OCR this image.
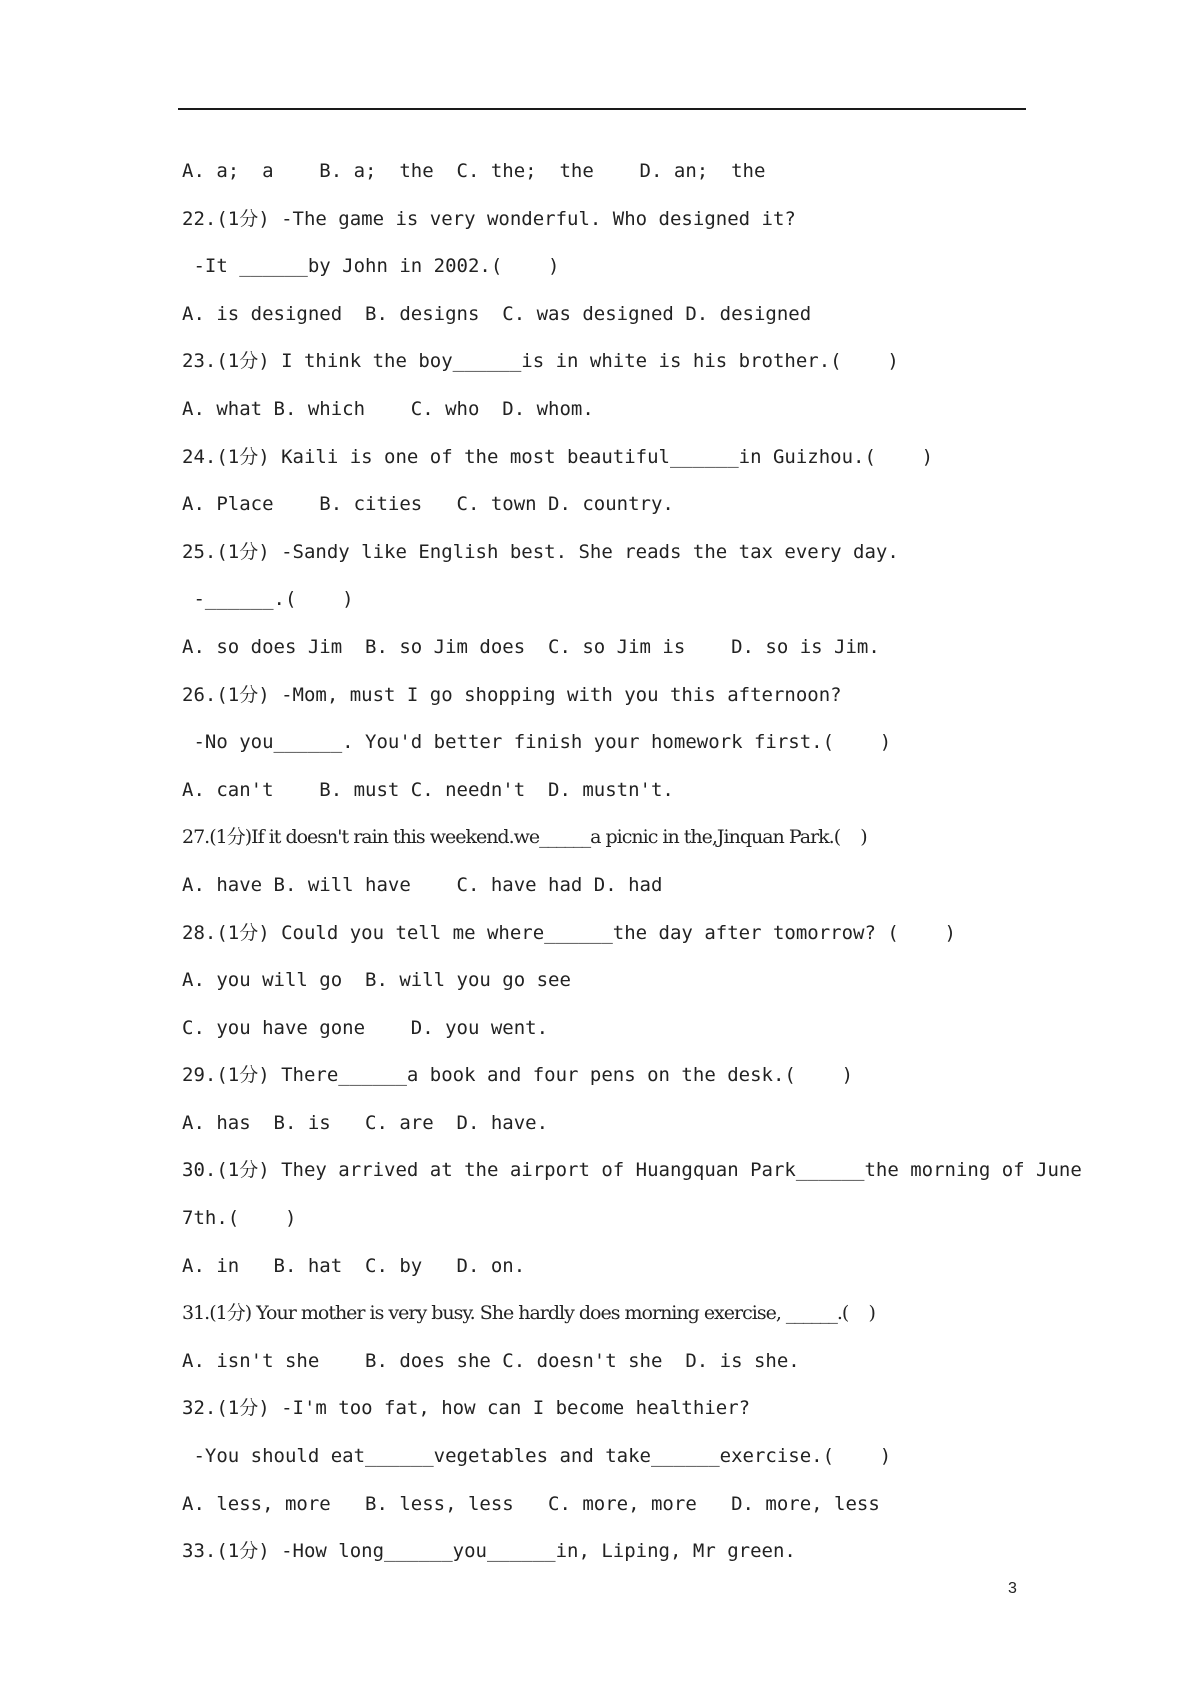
A. a;  a    B. a;  the  C. the;  the    D. an;  the
22.(1分) -The game is very wonderful. Who designed it?
-It ______by John in 2002.(    )
A. is designed  B. designs  C. was designed D. designed
23.(1分) I think the boy______is in white is his brother.(    )
A. what B. which    C. who  D. whom.
24.(1分) Kaili is one of the most beautiful______in Guizhou.(    )
A. Place    B. cities   C. town D. country.
25.(1分) -Sandy like English best. She reads the tax every day.
-______.(    )
A. so does Jim  B. so Jim does  C. so Jim is    D. so is Jim.
26.(1分) -Mom, must I go shopping with you this afternoon?
-No you______. You'd better finish your homework first.(    )
A. can't    B. must C. needn't  D. mustn't.
27.(1分)If it doesn't rain this weekend.we______a picnic in the,Jinquan Park.(    )
A. have B. will have    C. have had D. had
28.(1分) Could you tell me where______the day after tomorrow? (    )
A. you will go  B. will you go see
C. you have gone    D. you went.
29.(1分) There______a book and four pens on the desk.(    )
A. has  B. is   C. are  D. have.
30.(1分) They arrived at the airport of Huangquan Park______the morning of June
7th.(    )
A. in   B. hat  C. by   D. on.
31.(1分) Your mother is very busy. She hardly does morning exercise, ______.(    )
A. isn't she    B. does she C. doesn't she  D. is she.
32.(1分) -I'm too fat, how can I become healthier?
-You should eat______vegetables and take______exercise.(    )
A. less, more   B. less, less   C. more, more   D. more, less
33.(1分) -How long______you______in, Liping, Mr green.
3
